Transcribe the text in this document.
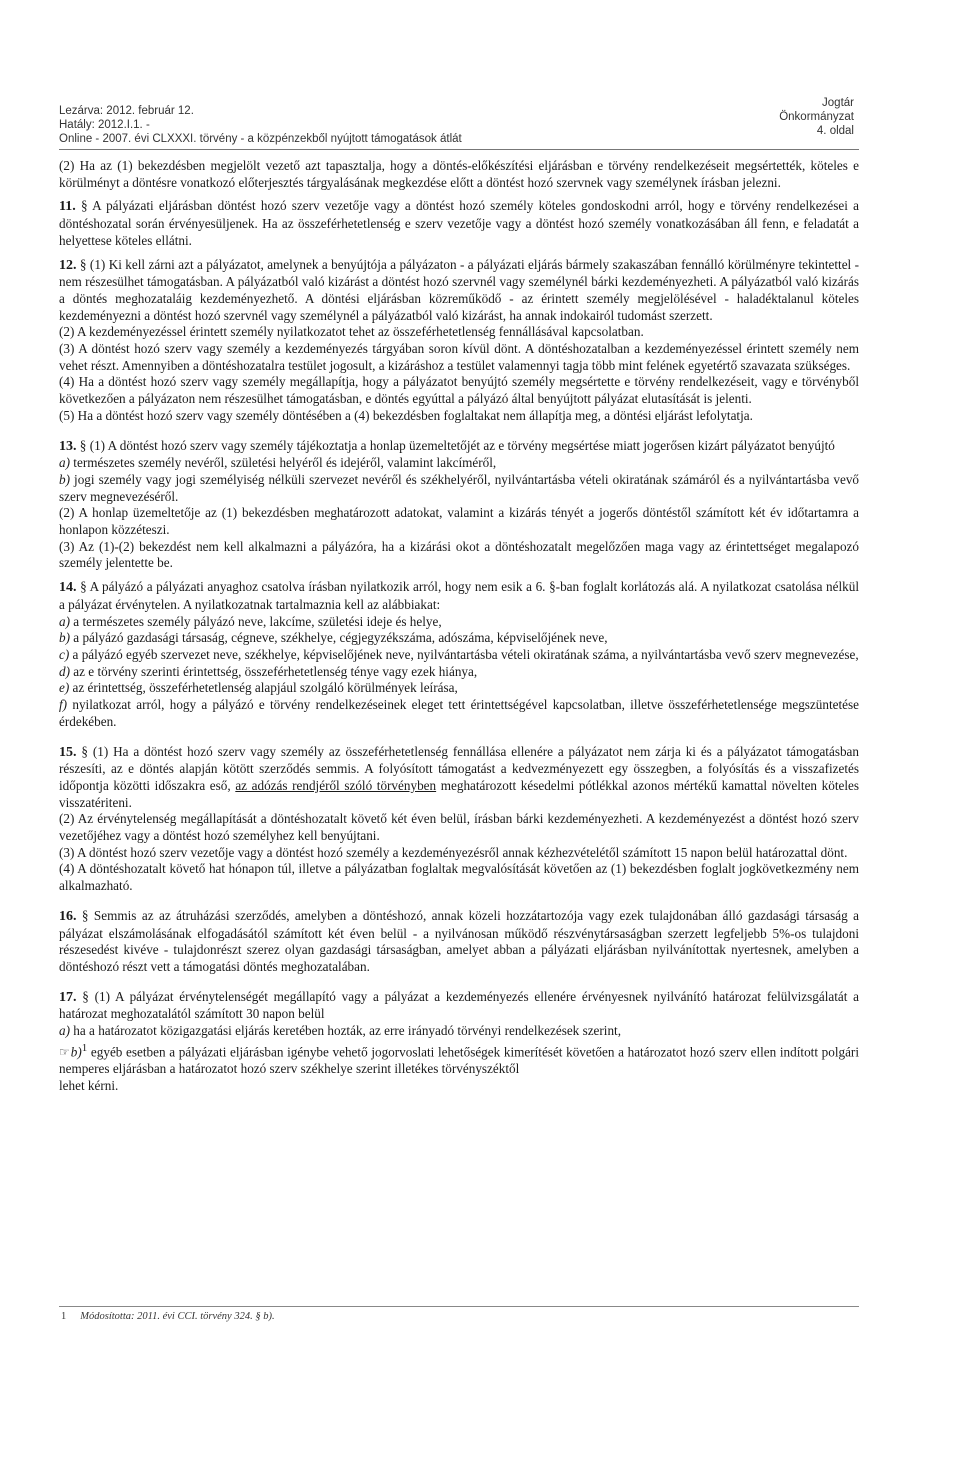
Lezárva: 2012. február 12.
Hatály: 2012.I.1. -
Online - 2007. évi CLXXXI. törvény - a közpénzekből nyújtott támogatások átlát
Jogtár
Önkormányzat
4. oldal

(2) Ha az (1) bekezdésben megjelölt vezető azt tapasztalja, hogy a döntés-előkészítési eljárásban e törvény rendelkezéseit megsértették, köteles e körülményt a döntésre vonatkozó előterjesztés tárgyalásának megkezdése előtt a döntést hozó szervnek vagy személynek írásban jelezni.

11. § A pályázati eljárásban döntést hozó szerv vezetője vagy a döntést hozó személy köteles gondoskodni arról, hogy e törvény rendelkezései a döntéshozatal során érvényesüljenek. Ha az összeférhetetlenség e szerv vezetője vagy a döntést hozó személy vonatkozásában áll fenn, e feladatát a helyettese köteles ellátni.

12. § (1) Ki kell zárni azt a pályázatot, amelynek a benyújtója a pályázaton - a pályázati eljárás bármely szakaszában fennálló körülményre tekintettel - nem részesülhet támogatásban. A pályázatból való kizárást a döntést hozó szervnél vagy személynél bárki kezdeményezheti. A pályázatból való kizárás a döntés meghozataláig kezdeményezhető. A döntési eljárásban közreműködő - az érintett személy megjelölésével - haladéktalanul köteles kezdeményezni a döntést hozó szervnél vagy személynél a pályázatból való kizárást, ha annak indokairól tudomást szerzett.

(2) A kezdeményezéssel érintett személy nyilatkozatot tehet az összeférhetetlenség fennállásával kapcsolatban.

(3) A döntést hozó szerv vagy személy a kezdeményezés tárgyában soron kívül dönt. A döntéshozatalban a kezdeményezéssel érintett személy nem vehet részt. Amennyiben a döntéshozatalra testület jogosult, a kizáráshoz a testület valamennyi tagja több mint felének egyetértő szavazata szükséges.

(4) Ha a döntést hozó szerv vagy személy megállapítja, hogy a pályázatot benyújtó személy megsértette e törvény rendelkezéseit, vagy e törvényből következően a pályázaton nem részesülhet támogatásban, e döntés egyúttal a pályázó által benyújtott pályázat elutasítását is jelenti.

(5) Ha a döntést hozó szerv vagy személy döntésében a (4) bekezdésben foglaltakat nem állapítja meg, a döntési eljárást lefolytatja.

13. § (1) A döntést hozó szerv vagy személy tájékoztatja a honlap üzemeltetőjét az e törvény megsértése miatt jogerősen kizárt pályázatot benyújtó

a) természetes személy nevéről, születési helyéről és idejéről, valamint lakcíméről,

b) jogi személy vagy jogi személyiség nélküli szervezet nevéről és székhelyéről, nyilvántartásba vételi okiratának számáról és a nyilvántartásba vevő szerv megnevezéséről.

(2) A honlap üzemeltetője az (1) bekezdésben meghatározott adatokat, valamint a kizárás tényét a jogerős döntéstől számított két év időtartamra a honlapon közzéteszi.

(3) Az (1)-(2) bekezdést nem kell alkalmazni a pályázóra, ha a kizárási okot a döntéshozatalt megelőzően maga vagy az érintettséget megalapozó személy jelentette be.

14. § A pályázó a pályázati anyaghoz csatolva írásban nyilatkozik arról, hogy nem esik a 6. §-ban foglalt korlátozás alá. A nyilatkozat csatolása nélkül a pályázat érvénytelen. A nyilatkozatnak tartalmaznia kell az alábbiakat:

a) a természetes személy pályázó neve, lakcíme, születési ideje és helye,

b) a pályázó gazdasági társaság, cégneve, székhelye, cégjegyzékszáma, adószáma, képviselőjének neve,

c) a pályázó egyéb szervezet neve, székhelye, képviselőjének neve, nyilvántartásba vételi okiratának száma, a nyilvántartásba vevő szerv megnevezése,

d) az e törvény szerinti érintettség, összeférhetetlenség ténye vagy ezek hiánya,

e) az érintettség, összeférhetetlenség alapjául szolgáló körülmények leírása,

f) nyilatkozat arról, hogy a pályázó e törvény rendelkezéseinek eleget tett érintettségével kapcsolatban, illetve összeférhetetlensége megszüntetése érdekében.

15. § (1) Ha a döntést hozó szerv vagy személy az összeférhetetlenség fennállása ellenére a pályázatot nem zárja ki és a pályázatot támogatásban részesíti, az e döntés alapján kötött szerződés semmis. A folyósított támogatást a kedvezményezett egy összegben, a folyósítás és a visszafizetés időpontja közötti időszakra eső, az adózás rendjéről szóló törvényben meghatározott késedelmi pótlékkal azonos mértékű kamattal növelten köteles visszatériteni.

(2) Az érvénytelenség megállapítását a döntéshozatalt követő két éven belül, írásban bárki kezdeményezheti. A kezdeményezést a döntést hozó szerv vezetőjéhez vagy a döntést hozó személyhez kell benyújtani.

(3) A döntést hozó szerv vezetője vagy a döntést hozó személy a kezdeményezésről annak kézhezvételétől számított 15 napon belül határozattal dönt.

(4) A döntéshozatalt követő hat hónapon túl, illetve a pályázatban foglaltak megvalósítását követően az (1) bekezdésben foglalt jogkövetkezmény nem alkalmazható.

16. § Semmis az az átruházási szerződés, amelyben a döntéshozó, annak közeli hozzátartozója vagy ezek tulajdonában álló gazdasági társaság a pályázat elszámolásának elfogadásától számított két éven belül - a nyilvánosan működő részvénytársaságban szerzett legfeljebb 5%-os tulajdoni részesedést kivéve - tulajdonrészt szerez olyan gazdasági társaságban, amelyet abban a pályázati eljárásban nyilvánítottak nyertesnek, amelyben a döntéshozó részt vett a támogatási döntés meghozatalában.

17. § (1) A pályázat érvénytelenségét megállapító vagy a pályázat a kezdeményezés ellenére érvényesnek nyilvánító határozat felülvizsgálatát a határozat meghozatalától számított 30 napon belül

a) ha a határozatot közigazgatási eljárás keretében hozták, az erre irányadó törvényi rendelkezések szerint,

☞b)$^1$ egyéb esetben a pályázati eljárásban igénybe vehető jogorvoslati lehetőségek kimerítését követően a határozatot hozó szerv ellen indított polgári nemperes eljárásban a határozatot hozó szerv székhelye szerint illetékes törvényszéktől

lehet kérni.

1 Módosította: 2011. évi CCI. törvény 324. § b).
